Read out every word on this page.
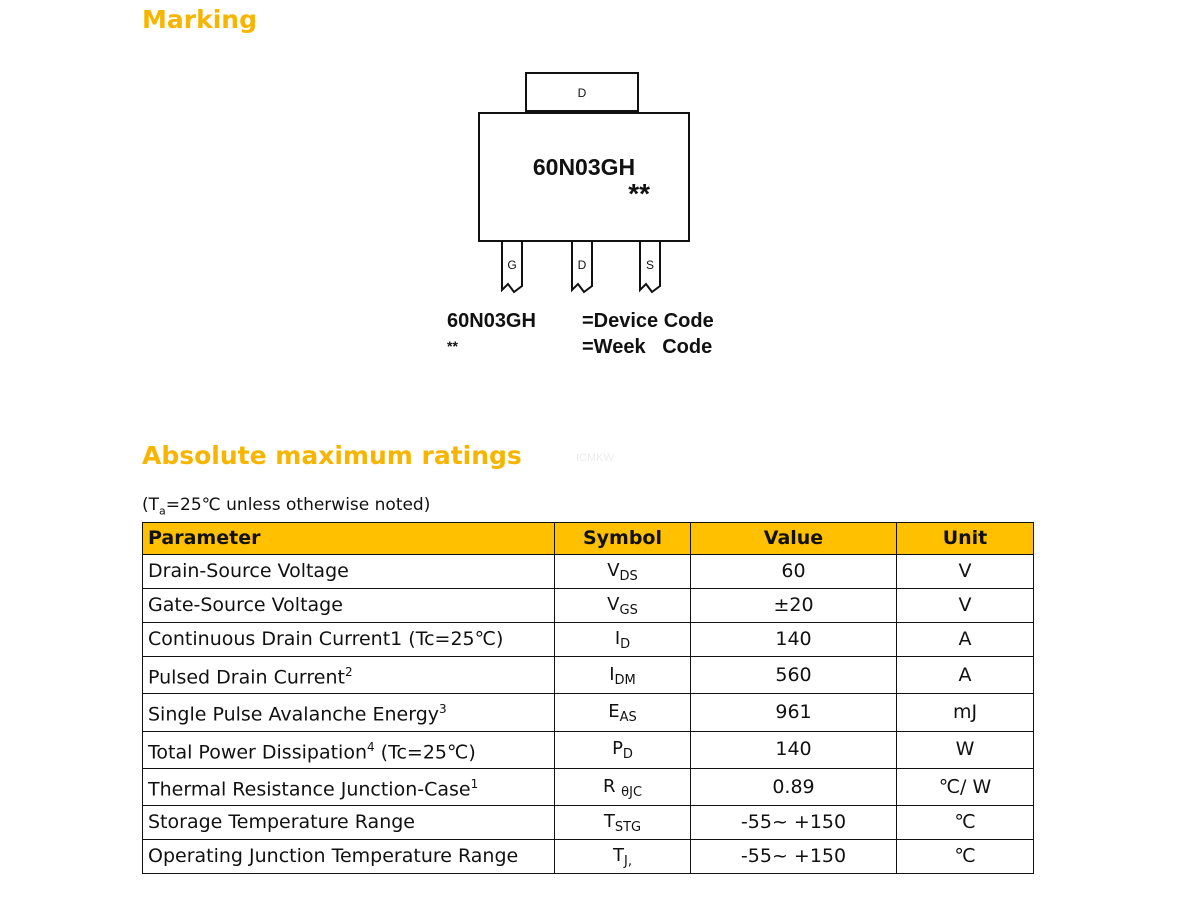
Marking
D
60N03GH
**
G	D	S
60N03GH =Device Code
**	=Week   Code
Absolute maximum ratings	ICMKW
($T_a=25℃$ unless otherwise noted)
Parameter	Symbol	Value	Unit
Drain-Source Voltage	$V_{DS}$	60	V
Gate-Source Voltage	$V_{GS}$	±20	V
Continuous Drain Current1 (Tc=25℃)	$I_D$	140	A
Pulsed Drain Current$^2$	$I_{DM}$	560	A
Single Pulse Avalanche Energy$^3$	$E_{AS}$	961	mJ
Total Power Dissipation$^4$ (Tc=25℃)	$P_D$	140	W
Thermal Resistance Junction-Case$^1$	R $_{\theta JC}$	0.89	℃/ W
Storage Temperature Range	$T_{STG}$	-55~ +150	℃
Operating Junction Temperature Range	$T_{J,}$	-55~ +150	℃
